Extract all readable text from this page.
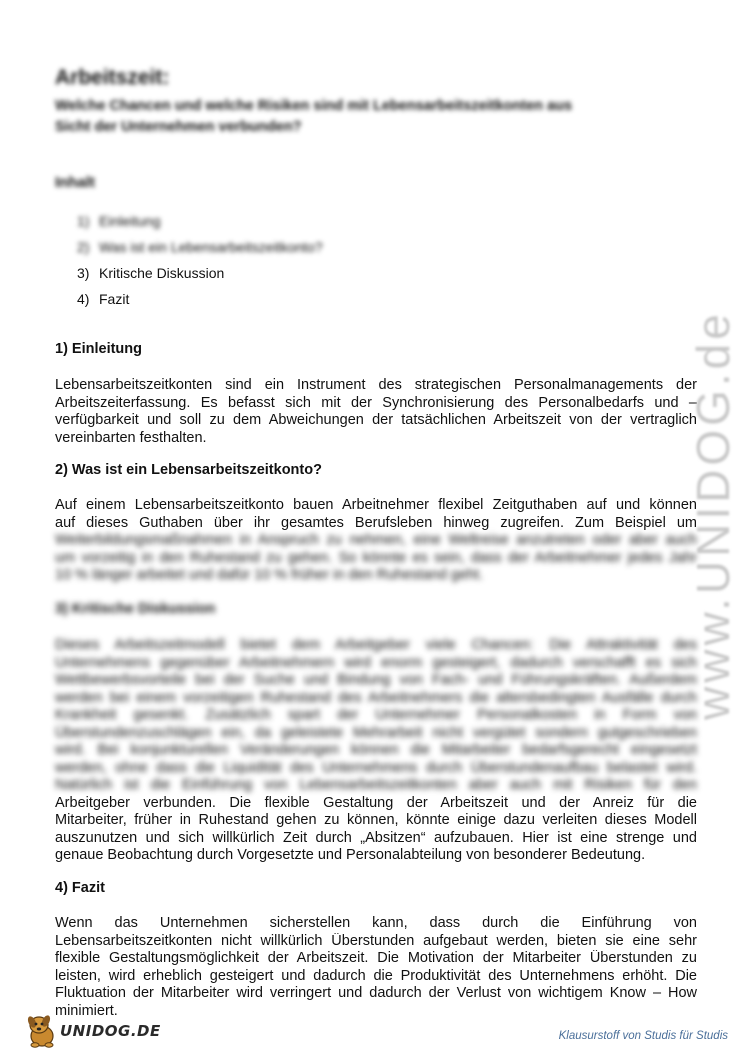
Arbeitszeit:
Welche Chancen und welche Risiken sind mit Lebensarbeitszeitkonten aus
Sicht der Unternehmen verbunden?
Inhalt
1) Einleitung
2) Was ist ein Lebensarbeitszeitkonto?
3) Kritische Diskussion
4) Fazit
1) Einleitung
Lebensarbeitszeitkonten sind ein Instrument des strategischen Personalmanagements der
Arbeitszeiterfassung. Es befasst sich mit der Synchronisierung des Personalbedarfs und –
verfügbarkeit und soll zu dem Abweichungen der tatsächlichen Arbeitszeit von der vertraglich
vereinbarten festhalten.
2) Was ist ein Lebensarbeitszeitkonto?
Auf einem Lebensarbeitszeitkonto bauen Arbeitnehmer flexibel Zeitguthaben auf und können
auf dieses Guthaben über ihr gesamtes Berufsleben hinweg zugreifen. Zum Beispiel um
Weiterbildungsmaßnahmen in Anspruch zu nehmen, eine Weltreise anzutreten oder aber auch
um vorzeitig in den Ruhestand zu gehen. So könnte es sein, dass der Arbeitnehmer jedes Jahr
10 % länger arbeitet und dafür 10 % früher in den Ruhestand geht.
3) Kritische Diskussion
Dieses Arbeitszeitmodell bietet dem Arbeitgeber viele Chancen: Die Attraktivität des
Unternehmens gegenüber Arbeitnehmern wird enorm gesteigert, dadurch verschafft es sich
Wettbewerbsvorteile bei der Suche und Bindung von Fach- und Führungskräften. Außerdem
werden bei einem vorzeitigen Ruhestand des Arbeitnehmers die altersbedingten Ausfälle durch
Krankheit gesenkt. Zusätzlich spart der Unternehmer Personalkosten in Form von
Überstundenzuschlägen ein, da geleistete Mehrarbeit nicht vergütet sondern gutgeschrieben
wird. Bei konjunkturellen Veränderungen können die Mitarbeiter bedarfsgerecht eingesetzt
werden, ohne dass die Liquidität des Unternehmens durch Überstundenaufbau belastet wird.
Natürlich ist die Einführung von Lebensarbeitszeitkonten aber auch mit Risiken für den
Arbeitgeber verbunden. Die flexible Gestaltung der Arbeitszeit und der Anreiz für die
Mitarbeiter, früher in Ruhestand gehen zu können, könnte einige dazu verleiten dieses Modell
auszunutzen und sich willkürlich Zeit durch „Absitzen“ aufzubauen. Hier ist eine strenge und
genaue Beobachtung durch Vorgesetzte und Personalabteilung von besonderer Bedeutung.
4) Fazit
Wenn das Unternehmen sicherstellen kann, dass durch die Einführung von
Lebensarbeitszeitkonten nicht willkürlich Überstunden aufgebaut werden, bieten sie eine sehr
flexible Gestaltungsmöglichkeit der Arbeitszeit. Die Motivation der Mitarbeiter Überstunden zu
leisten, wird erheblich gesteigert und dadurch die Produktivität des Unternehmens erhöht. Die
Fluktuation der Mitarbeiter wird verringert und dadurch der Verlust von wichtigem Know – How
minimiert.
www.UNIDOG.de
UNIDOG.DE	Klausurstoff von Studis für Studis
